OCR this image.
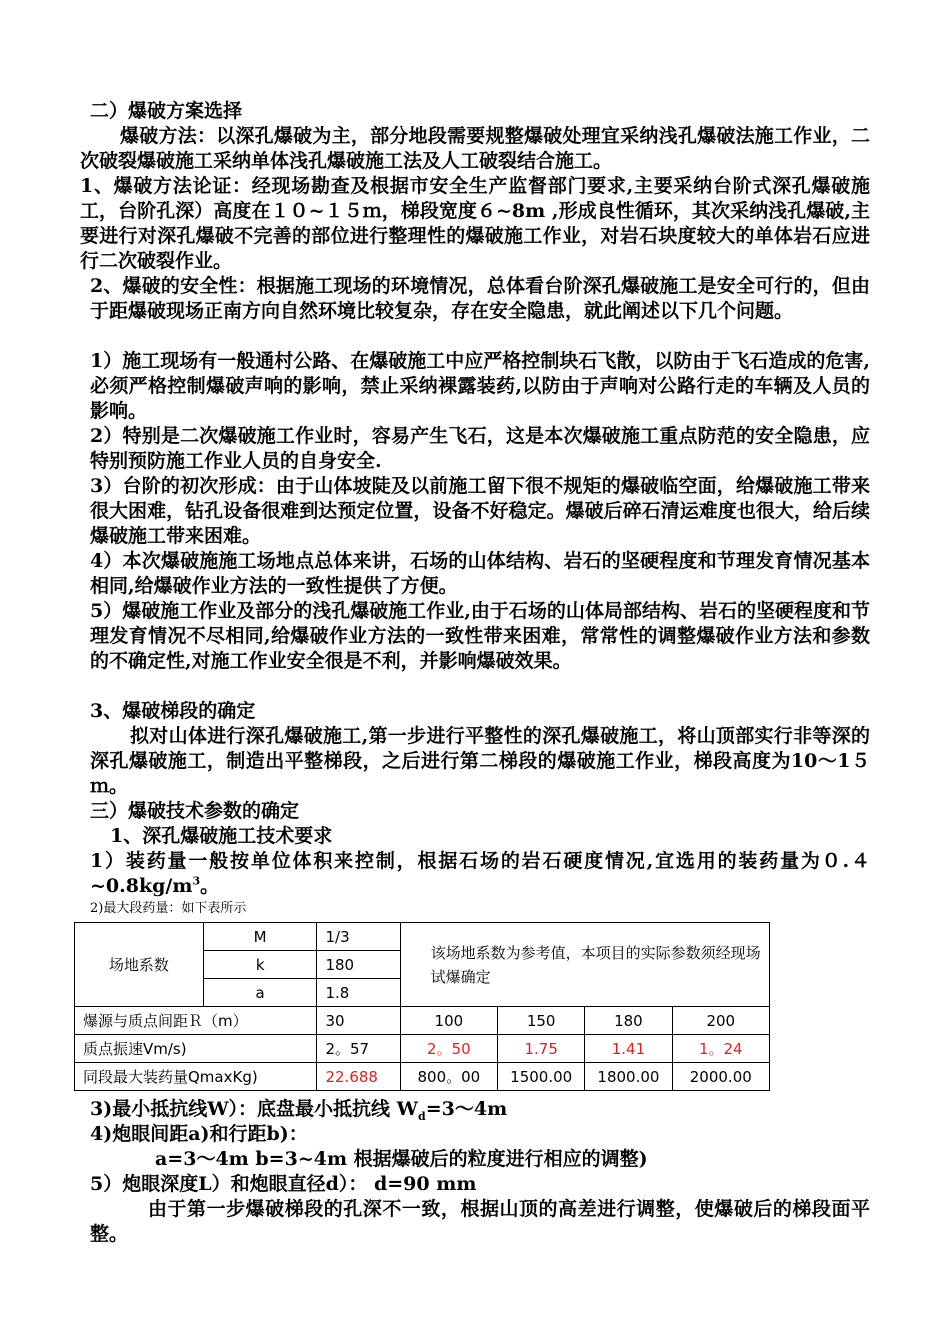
二）爆破方案选择

爆破方法：以深孔爆破为主，部分地段需要规整爆破处理宜采纳浅孔爆破法施工作业，二次破裂爆破施工采纳单体浅孔爆破施工法及人工破裂结合施工。

1、爆破方法论证：经现场勘查及根据市安全生产监督部门要求,主要采纳台阶式深孔爆破施工，台阶孔深）高度在１０~１５ｍ，梯段宽度６~8m ,形成良性循环，其次采纳浅孔爆破,主要进行对深孔爆破不完善的部位进行整理性的爆破施工作业，对岩石块度较大的单体岩石应进行二次破裂作业。

2、爆破的安全性：根据施工现场的环境情况，总体看台阶深孔爆破施工是安全可行的，但由于距爆破现场正南方向自然环境比较复杂，存在安全隐患，就此阐述以下几个问题。

1）施工现场有一般通村公路、在爆破施工中应严格控制块石飞散，以防由于飞石造成的危害,必须严格控制爆破声响的影响，禁止采纳裸露装药,以防由于声响对公路行走的车辆及人员的影响。

2）特别是二次爆破施工作业时，容易产生飞石，这是本次爆破施工重点防范的安全隐患，应特别预防施工作业人员的自身安全.

3）台阶的初次形成：由于山体坡陡及以前施工留下很不规矩的爆破临空面，给爆破施工带来很大困难，钻孔设备很难到达预定位置，设备不好稳定。爆破后碎石清运难度也很大，给后续爆破施工带来困难。

4）本次爆破施施工场地点总体来讲，石场的山体结构、岩石的坚硬程度和节理发育情况基本相同,给爆破作业方法的一致性提供了方便。

5）爆破施工作业及部分的浅孔爆破施工作业,由于石场的山体局部结构、岩石的坚硬程度和节理发育情况不尽相同,给爆破作业方法的一致性带来困难，常常性的调整爆破作业方法和参数的不确定性,对施工作业安全很是不利，并影响爆破效果。

3、爆破梯段的确定

拟对山体进行深孔爆破施工,第一步进行平整性的深孔爆破施工，将山顶部实行非等深的深孔爆破施工，制造出平整梯段，之后进行第二梯段的爆破施工作业，梯段高度为10～1５ｍ。

三）爆破技术参数的确定

1、深孔爆破施工技术要求

1）装药量一般按单位体积来控制，根据石场的岩石硬度情况,宜选用的装药量为$0.4\sim 0.8kg/m^3$。

2)最大段药量：如下表所示

场地系数	M	1/3	该场地系数为参考值，本项目的实际参数须经现场试爆确定			
	k	180				
	a	1.8				
爆源与质点间距Ｒ（m）		30	100	150	180	200
质点振速Vm/s)		2。57	2。50	1.75	1.41	1。24
同段最大装药量QmaxKg)		22.688	800。00	1500.00	1800.00	2000.00

3)最小抵抗线W）：底盘最小抵抗线 $W_d=3\sim 4m$

4)炮眼间距a)和行距b)：

a=3～4m b=3~4m 根据爆破后的粒度进行相应的调整)

5）炮眼深度L）和炮眼直径d）： d=90 mm

由于第一步爆破梯段的孔深不一致，根据山顶的高差进行调整，使爆破后的梯段面平整。
